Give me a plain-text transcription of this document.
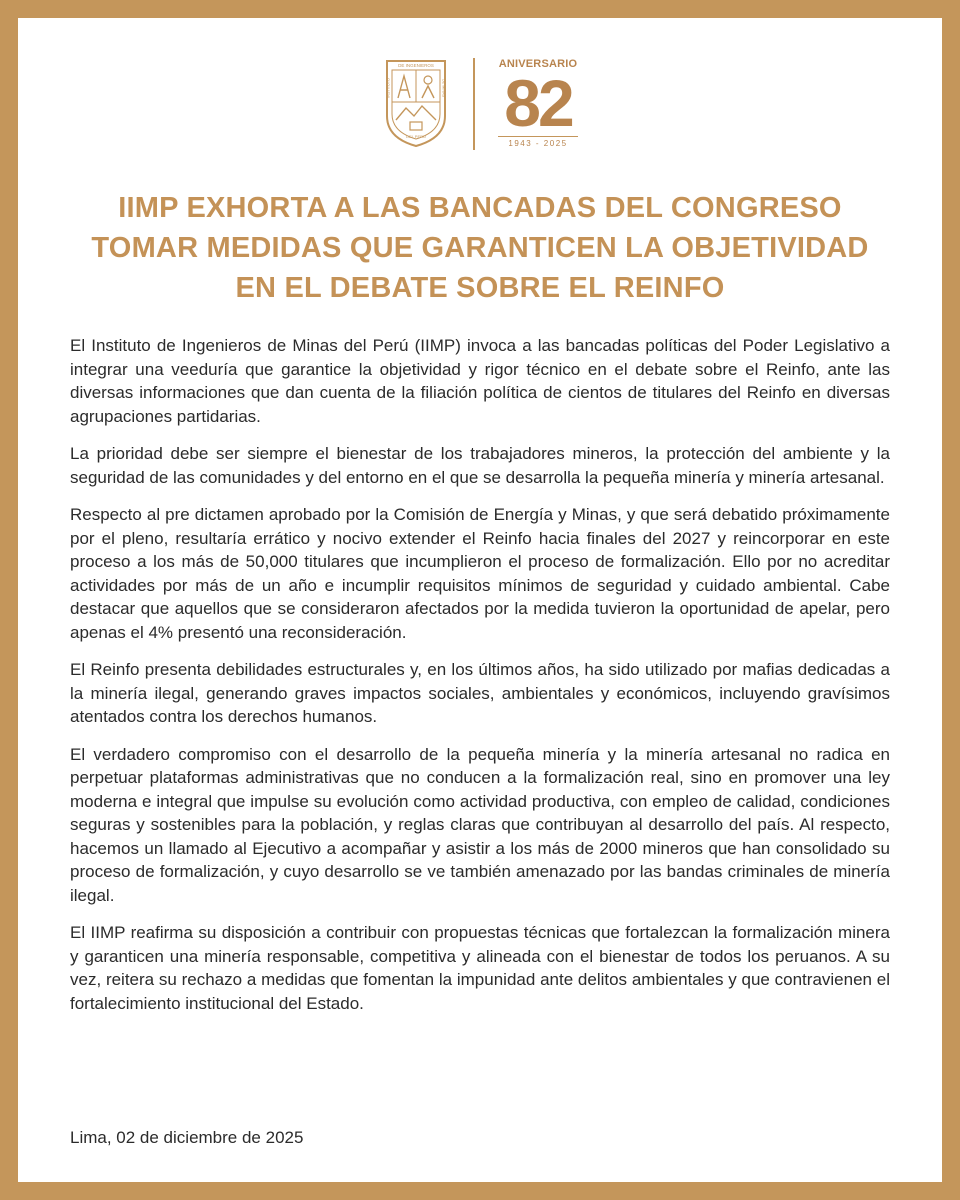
DE INGENIEROS
INSTITUTO	DE MINAS
DEL PERU
ANIVERSARIO
82
1943 - 2025
IIMP EXHORTA A LAS BANCADAS DEL CONGRESO
TOMAR MEDIDAS QUE GARANTICEN LA OBJETIVIDAD
EN EL DEBATE SOBRE EL REINFO

El Instituto de Ingenieros de Minas del Perú (IIMP) invoca a las bancadas políticas del Poder Legislativo a integrar una veeduría que garantice la objetividad y rigor técnico en el debate sobre el Reinfo, ante las diversas informaciones que dan cuenta de la filiación política de cientos de titulares del Reinfo en diversas agrupaciones partidarias.

La prioridad debe ser siempre el bienestar de los trabajadores mineros, la protección del ambiente y la seguridad de las comunidades y del entorno en el que se desarrolla la pequeña minería y minería artesanal.

Respecto al pre dictamen aprobado por la Comisión de Energía y Minas, y que será debatido próximamente por el pleno, resultaría errático y nocivo extender el Reinfo hacia finales del 2027 y reincorporar en este proceso a los más de 50,000 titulares que incumplieron el proceso de formalización. Ello por no acreditar actividades por más de un año e incumplir requisitos mínimos de seguridad y cuidado ambiental. Cabe destacar que aquellos que se consideraron afectados por la medida tuvieron la oportunidad de apelar, pero apenas el 4% presentó una reconsideración.

El Reinfo presenta debilidades estructurales y, en los últimos años, ha sido utilizado por mafias dedicadas a la minería ilegal, generando graves impactos sociales, ambientales y económicos, incluyendo gravísimos atentados contra los derechos humanos.

El verdadero compromiso con el desarrollo de la pequeña minería y la minería artesanal no radica en perpetuar plataformas administrativas que no conducen a la formalización real, sino en promover una ley moderna e integral que impulse su evolución como actividad productiva, con empleo de calidad, condiciones seguras y sostenibles para la población, y reglas claras que contribuyan al desarrollo del país. Al respecto, hacemos un llamado al Ejecutivo a acompañar y asistir a los más de 2000 mineros que han consolidado su proceso de formalización, y cuyo desarrollo se ve también amenazado por las bandas criminales de minería ilegal.

El IIMP reafirma su disposición a contribuir con propuestas técnicas que fortalezcan la formalización minera y garanticen una minería responsable, competitiva y alineada con el bienestar de todos los peruanos. A su vez, reitera su rechazo a medidas que fomentan la impunidad ante delitos ambientales y que contravienen el fortalecimiento institucional del Estado.

Lima, 02 de diciembre de 2025
